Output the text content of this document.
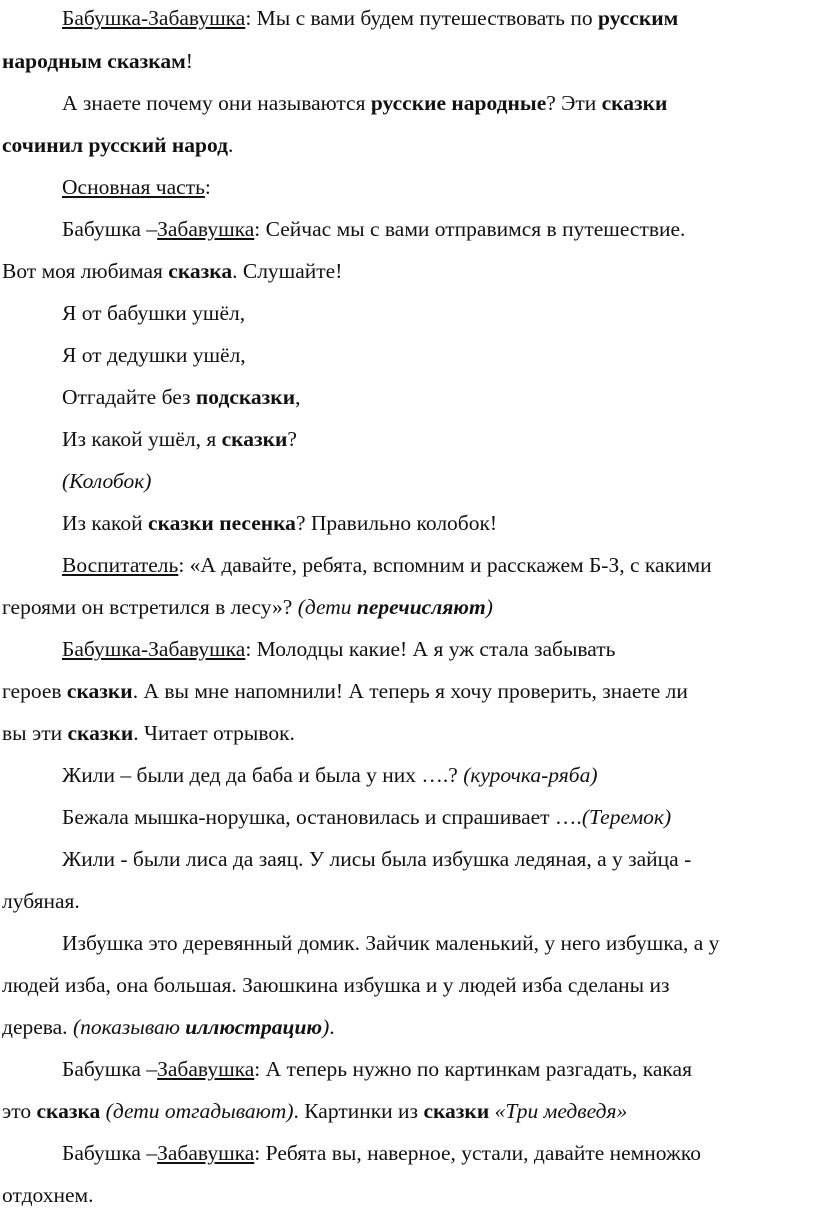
Бабушка-Забавушка: Мы с вами будем путешествовать по русским
народным сказкам!
А знаете почему они называются русские народные? Эти сказки
сочинил русский народ.
Основная часть:
Бабушка –Забавушка: Сейчас мы с вами отправимся в путешествие.
Вот моя любимая сказка. Слушайте!
Я от бабушки ушёл,
Я от дедушки ушёл,
Отгадайте без подсказки,
Из какой ушёл, я сказки?
(Колобок)
Из какой сказки песенка? Правильно колобок!
Воспитатель: «А давайте, ребята, вспомним и расскажем Б-З, с какими
героями он встретился в лесу»? (дети перечисляют)
Бабушка-Забавушка: Молодцы какие! А я уж стала забывать
героев сказки. А вы мне напомнили! А теперь я хочу проверить, знаете ли
вы эти сказки. Читает отрывок.
Жили – были дед да баба и была у них ….? (курочка-ряба)
Бежала мышка-норушка, остановилась и спрашивает ….(Теремок)
Жили - были лиса да заяц. У лисы была избушка ледяная, а у зайца -
лубяная.
Избушка это деревянный домик. Зайчик маленький, у него избушка, а у
людей изба, она большая. Заюшкина избушка и у людей изба сделаны из
дерева. (показываю иллюстрацию).
Бабушка –Забавушка: А теперь нужно по картинкам разгадать, какая
это сказка (дети отгадывают). Картинки из сказки «Три медведя»
Бабушка –Забавушка: Ребята вы, наверное, устали, давайте немножко
отдохнем.
